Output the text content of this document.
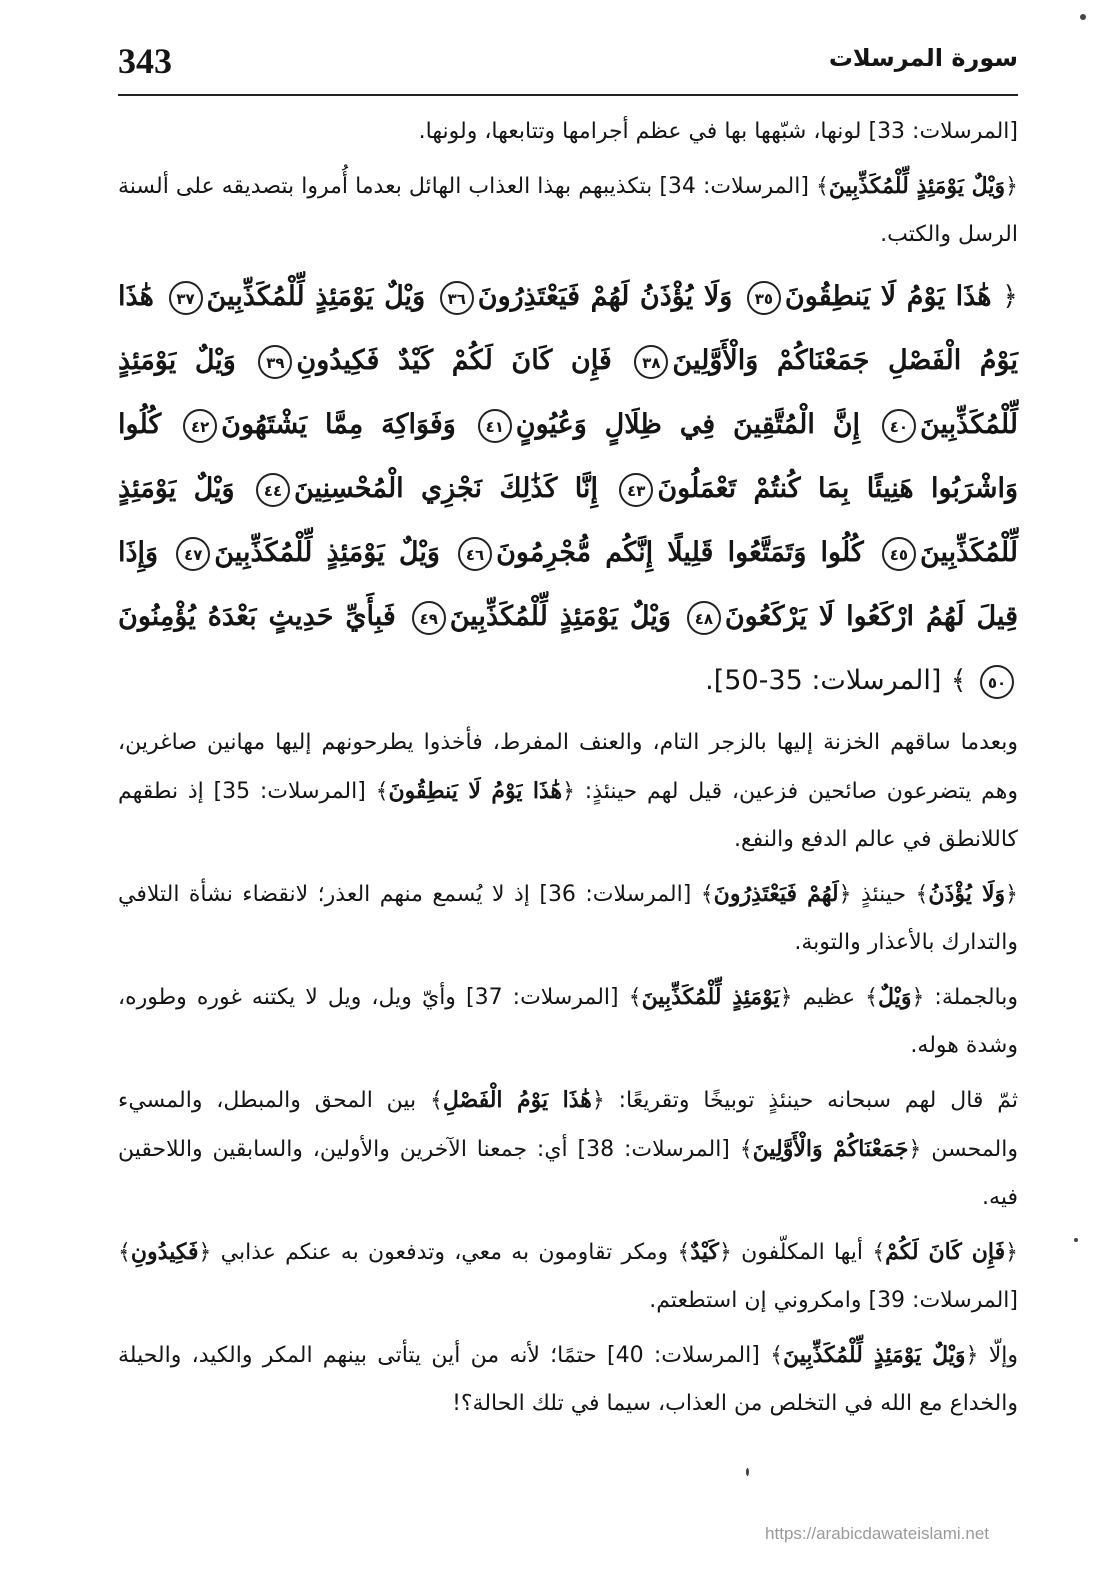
343	سورة المرسلات

[المرسلات: 33] لونها، شبّهها بها في عظم أجرامها وتتابعها، ولونها.

﴿وَيْلٌ يَوْمَئِذٍ لِّلْمُكَذِّبِينَ﴾ [المرسلات: 34] بتكذيبهم بهذا العذاب الهائل بعدما أُمروا بتصديقه على ألسنة الرسل والكتب.

﴿ هَٰذَا يَوْمُ لَا يَنطِقُونَ٣٥ وَلَا يُؤْذَنُ لَهُمْ فَيَعْتَذِرُونَ٣٦ وَيْلٌ يَوْمَئِذٍ لِّلْمُكَذِّبِينَ٣٧ هَٰذَا يَوْمُ الْفَصْلِ جَمَعْنَاكُمْ وَالْأَوَّلِينَ٣٨ فَإِن كَانَ لَكُمْ كَيْدٌ فَكِيدُونِ٣٩ وَيْلٌ يَوْمَئِذٍ لِّلْمُكَذِّبِينَ٤٠ إِنَّ الْمُتَّقِينَ فِي ظِلَالٍ وَعُيُونٍ٤١ وَفَوَاكِهَ مِمَّا يَشْتَهُونَ٤٢ كُلُوا وَاشْرَبُوا هَنِيئًا بِمَا كُنتُمْ تَعْمَلُونَ٤٣ إِنَّا كَذَٰلِكَ نَجْزِي الْمُحْسِنِينَ٤٤ وَيْلٌ يَوْمَئِذٍ لِّلْمُكَذِّبِينَ٤٥ كُلُوا وَتَمَتَّعُوا قَلِيلًا إِنَّكُم مُّجْرِمُونَ٤٦ وَيْلٌ يَوْمَئِذٍ لِّلْمُكَذِّبِينَ٤٧ وَإِذَا قِيلَ لَهُمُ ارْكَعُوا لَا يَرْكَعُونَ٤٨ وَيْلٌ يَوْمَئِذٍ لِّلْمُكَذِّبِينَ٤٩ فَبِأَيِّ حَدِيثٍ بَعْدَهُ يُؤْمِنُونَ٥٠ ﴾ [المرسلات: 35-50].

وبعدما ساقهم الخزنة إليها بالزجر التام، والعنف المفرط، فأخذوا يطرحونهم إليها مهانين صاغرين، وهم يتضرعون صائحين فزعين، قيل لهم حينئذٍ: ﴿هَٰذَا يَوْمُ لَا يَنطِقُونَ﴾ [المرسلات: 35] إذ نطقهم كاللانطق في عالم الدفع والنفع.

﴿وَلَا يُؤْذَنُ﴾ حينئذٍ ﴿لَهُمْ فَيَعْتَذِرُونَ﴾ [المرسلات: 36] إذ لا يُسمع منهم العذر؛ لانقضاء نشأة التلافي والتدارك بالأعذار والتوبة.

وبالجملة: ﴿وَيْلٌ﴾ عظيم ﴿يَوْمَئِذٍ لِّلْمُكَذِّبِينَ﴾ [المرسلات: 37] وأيّ ويل، ويل لا يكتنه غوره وطوره، وشدة هوله.

ثمّ قال لهم سبحانه حينئذٍ توبيخًا وتقريعًا: ﴿هَٰذَا يَوْمُ الْفَصْلِ﴾ بين المحق والمبطل، والمسيء والمحسن ﴿جَمَعْنَاكُمْ وَالْأَوَّلِينَ﴾ [المرسلات: 38] أي: جمعنا الآخرين والأولين، والسابقين واللاحقين فيه.

﴿فَإِن كَانَ لَكُمْ﴾ أيها المكلّفون ﴿كَيْدٌ﴾ ومكر تقاومون به معي، وتدفعون به عنكم عذابي ﴿فَكِيدُونِ﴾ [المرسلات: 39] وامكروني إن استطعتم.

وإلّا ﴿وَيْلٌ يَوْمَئِذٍ لِّلْمُكَذِّبِينَ﴾ [المرسلات: 40] حتمًا؛ لأنه من أين يتأتى بينهم المكر والكيد، والحيلة والخداع مع الله في التخلص من العذاب، سيما في تلك الحالة؟!

https://arabicdawateislami.net
